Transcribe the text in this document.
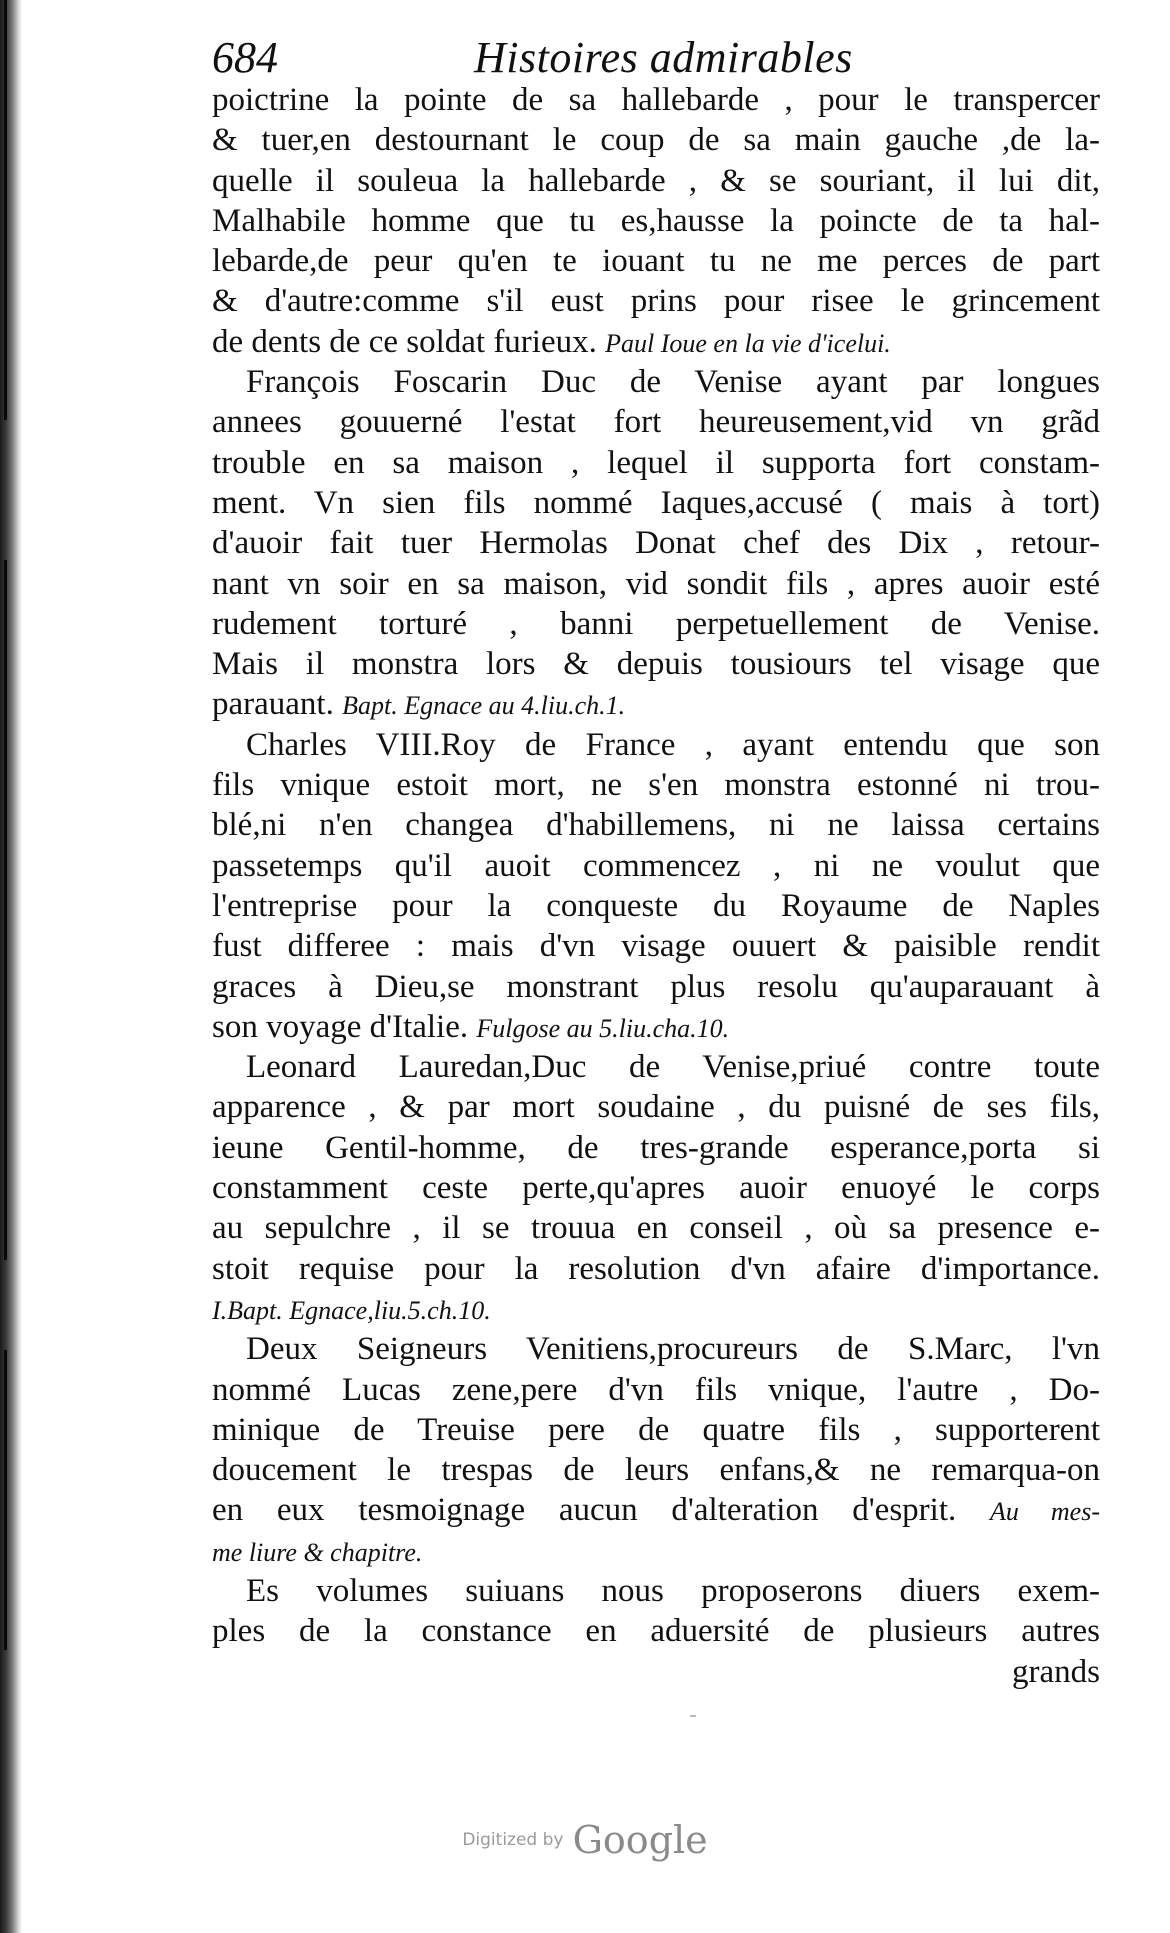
684	Histoires admirables
poictrine la pointe de sa hallebarde , pour le transpercer
& tuer,en destournant le coup de sa main gauche ,de la-
quelle il souleua la hallebarde , & se souriant, il lui dit,
Malhabile homme que tu es,hausse la poincte de ta hal-
lebarde,de peur qu'en te iouant tu ne me perces de part
& d'autre:comme s'il eust prins pour risee le grincement
de dents de ce soldat furieux. Paul Ioue en la vie d'icelui.
François Foscarin Duc de Venise ayant par longues
annees gouuerné l'estat fort heureusement,vid vn grãd
trouble en sa maison , lequel il supporta fort constam-
ment. Vn sien fils nommé Iaques,accusé ( mais à tort)
d'auoir fait tuer Hermolas Donat chef des Dix , retour-
nant vn soir en sa maison, vid sondit fils , apres auoir esté
rudement torturé , banni perpetuellement de Venise.
Mais il monstra lors & depuis tousiours tel visage que
parauant. Bapt. Egnace au 4.liu.ch.1.
Charles VIII.Roy de France , ayant entendu que son
fils vnique estoit mort, ne s'en monstra estonné ni trou-
blé,ni n'en changea d'habillemens, ni ne laissa certains
passetemps qu'il auoit commencez , ni ne voulut que
l'entreprise pour la conqueste du Royaume de Naples
fust differee : mais d'vn visage ouuert & paisible rendit
graces à Dieu,se monstrant plus resolu qu'auparauant à
son voyage d'Italie. Fulgose au 5.liu.cha.10.
Leonard Lauredan,Duc de Venise,priué contre toute
apparence , & par mort soudaine , du puisné de ses fils,
ieune Gentil-homme, de tres-grande esperance,porta si
constamment ceste perte,qu'apres auoir enuoyé le corps
au sepulchre , il se trouua en conseil , où sa presence e-
stoit requise pour la resolution d'vn afaire d'importance.
I.Bapt. Egnace,liu.5.ch.10.
Deux Seigneurs Venitiens,procureurs de S.Marc, l'vn
nommé Lucas zene,pere d'vn fils vnique, l'autre , Do-
minique de Treuise pere de quatre fils , supporterent
doucement le trespas de leurs enfans,& ne remarqua-on
en eux tesmoignage aucun d'alteration d'esprit. Au mes-
me liure & chapitre.
Es volumes suiuans nous proposerons diuers exem-
ples de la constance en aduersité de plusieurs autres
grands
Digitized by Google
